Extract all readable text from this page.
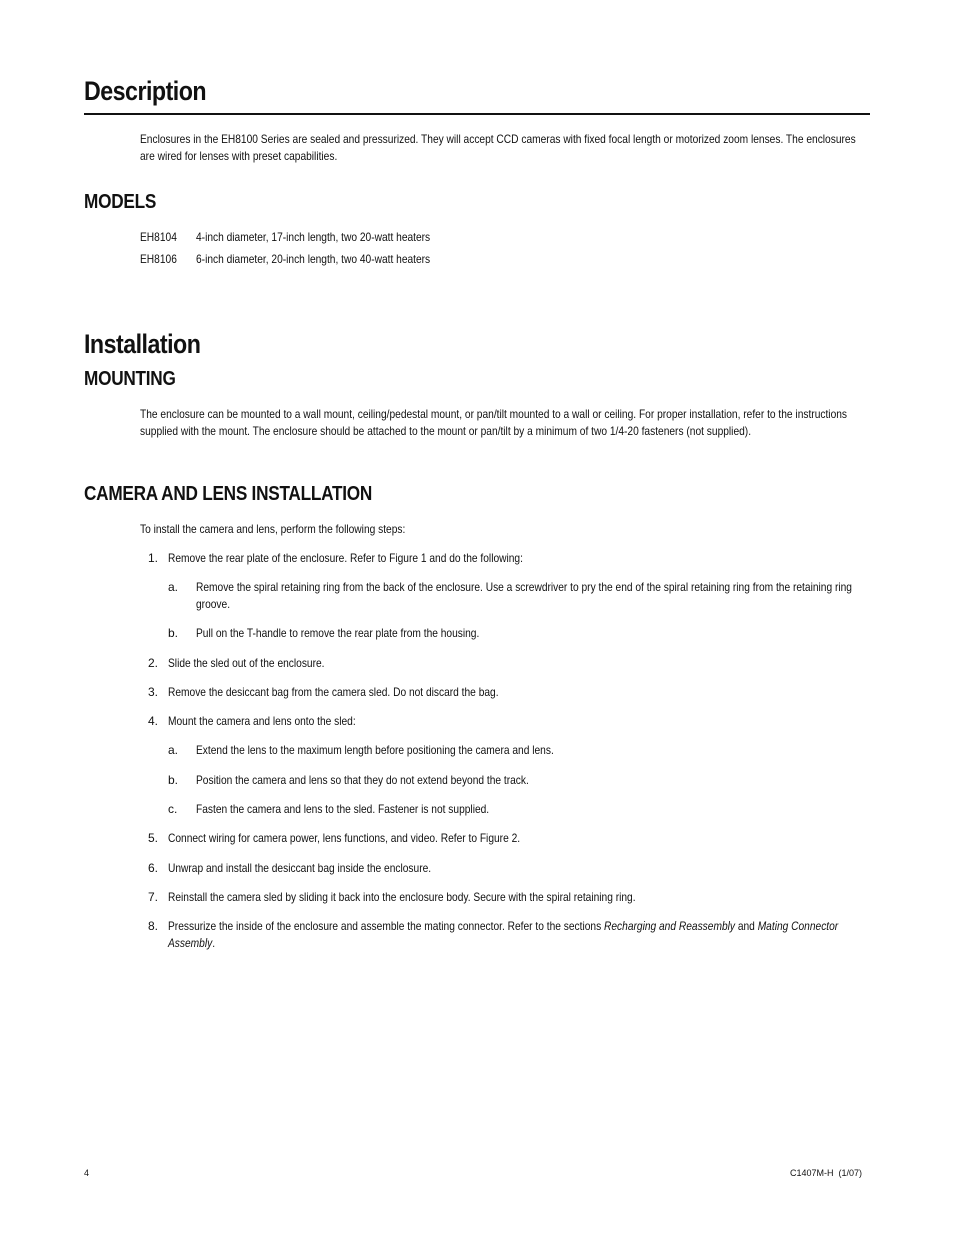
Description

Enclosures in the EH8100 Series are sealed and pressurized. They will accept CCD cameras with fixed focal length or motorized zoom lenses. The enclosures are wired for lenses with preset capabilities.

MODELS

EH8104 4-inch diameter, 17-inch length, two 20-watt heaters

EH8106 6-inch diameter, 20-inch length, two 40-watt heaters

Installation
MOUNTING

The enclosure can be mounted to a wall mount, ceiling/pedestal mount, or pan/tilt mounted to a wall or ceiling. For proper installation, refer to the instructions supplied with the mount. The enclosure should be attached to the mount or pan/tilt by a minimum of two 1/4-20 fasteners (not supplied).

CAMERA AND LENS INSTALLATION

To install the camera and lens, perform the following steps:

1. Remove the rear plate of the enclosure. Refer to Figure 1 and do the following:

a. Remove the spiral retaining ring from the back of the enclosure. Use a screwdriver to pry the end of the spiral retaining ring from the retaining ring groove.

b. Pull on the T-handle to remove the rear plate from the housing.

2. Slide the sled out of the enclosure.

3. Remove the desiccant bag from the camera sled. Do not discard the bag.

4. Mount the camera and lens onto the sled:

a. Extend the lens to the maximum length before positioning the camera and lens.

b. Position the camera and lens so that they do not extend beyond the track.

c. Fasten the camera and lens to the sled. Fastener is not supplied.

5. Connect wiring for camera power, lens functions, and video. Refer to Figure 2.

6. Unwrap and install the desiccant bag inside the enclosure.

7. Reinstall the camera sled by sliding it back into the enclosure body. Secure with the spiral retaining ring.

8. Pressurize the inside of the enclosure and assemble the mating connector. Refer to the sections Recharging and Reassembly and Mating Connector Assembly.

4	C1407M-H  (1/07)
